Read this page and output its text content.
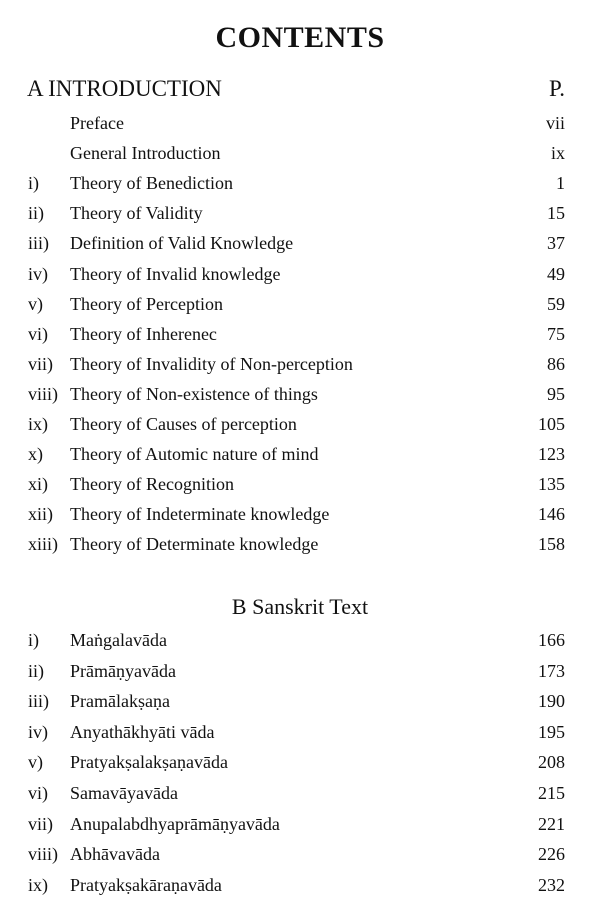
CONTENTS
A INTRODUCTION	P.
Preface	vii
General Introduction	ix
i) Theory of Benediction	1
ii) Theory of Validity	15
iii) Definition of Valid Knowledge	37
iv) Theory of Invalid knowledge	49
v) Theory of Perception	59
vi) Theory of Inherenec	75
vii) Theory of Invalidity of Non-perception	86
viii) Theory of Non-existence of things	95
ix) Theory of Causes of perception	105
x) Theory of Automic nature of mind	123
xi) Theory of Recognition	135
xii) Theory of Indeterminate knowledge	146
xiii) Theory of Determinate knowledge	158
B Sanskrit Text
i) Maṅgalavāda	166
ii) Prāmāṇyavāda	173
iii) Pramālakṣaṇa	190
iv) Anyathākhyāti vāda	195
v) Pratyakṣalakṣaṇavāda	208
vi) Samavāyavāda	215
vii) Anupalabdhyaprāmāṇyavāda	221
viii) Abhāvavāda	226
ix) Pratyakṣakāraṇavāda	232
